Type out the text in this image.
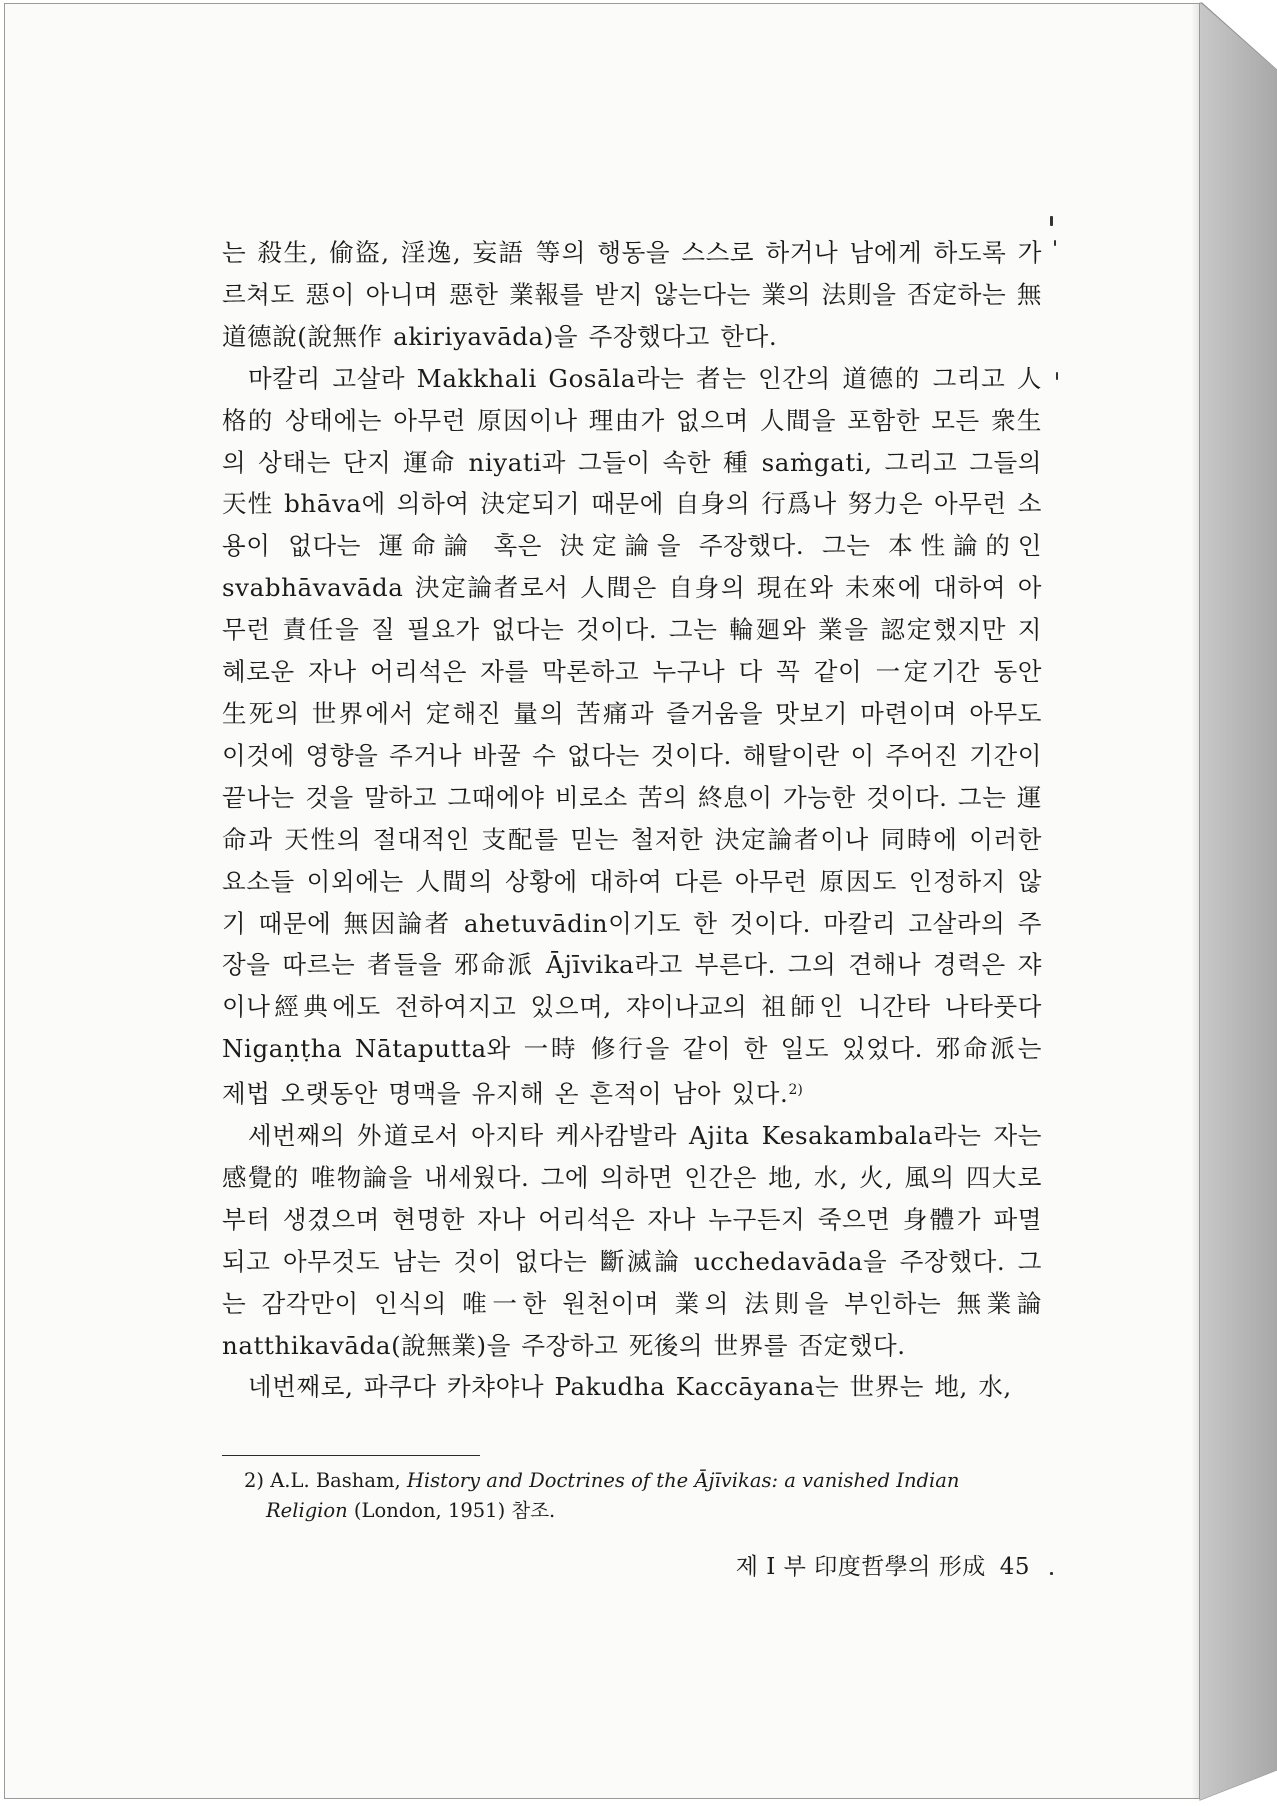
는 殺生, 偷盜, 淫逸, 妄語 等의 행동을 스스로 하거나 남에게 하도록 가르쳐도 惡이 아니며 惡한 業報를 받지 않는다는 業의 法則을 否定하는 無道德說(說無作 akiriyavāda)을 주장했다고 한다.

마칼리 고살라 Makkhali Gosāla라는 者는 인간의 道德的 그리고 人格的 상태에는 아무런 原因이나 理由가 없으며 人間을 포함한 모든 衆生의 상태는 단지 運命 niyati과 그들이 속한 種 saṁgati, 그리고 그들의 天性 bhāva에 의하여 決定되기 때문에 自身의 行爲나 努力은 아무런 소용이 없다는 運命論 혹은 決定論을 주장했다. 그는 本性論的인 svabhāvavāda 決定論者로서 人間은 自身의 現在와 未來에 대하여 아무런 責任을 질 필요가 없다는 것이다. 그는 輪廻와 業을 認定했지만 지혜로운 자나 어리석은 자를 막론하고 누구나 다 꼭 같이 一定기간 동안 生死의 世界에서 定해진 量의 苦痛과 즐거움을 맛보기 마련이며 아무도 이것에 영향을 주거나 바꿀 수 없다는 것이다. 해탈이란 이 주어진 기간이 끝나는 것을 말하고 그때에야 비로소 苦의 終息이 가능한 것이다. 그는 運命과 天性의 절대적인 支配를 믿는 철저한 決定論者이나 同時에 이러한 요소들 이외에는 人間의 상황에 대하여 다른 아무런 原因도 인정하지 않기 때문에 無因論者 ahetuvādin이기도 한 것이다. 마칼리 고살라의 주장을 따르는 者들을 邪命派 Ājīvika라고 부른다. 그의 견해나 경력은 쟈이나經典에도 전하여지고 있으며, 쟈이나교의 祖師인 니간타 나타풋다 Nigaṇṭha Nātaputta와 一時 修行을 같이 한 일도 있었다. 邪命派는 제법 오랫동안 명맥을 유지해 온 흔적이 남아 있다.$^{2)}$

세번째의 外道로서 아지타 케사캄발라 Ajita Kesakambala라는 자는 感覺的 唯物論을 내세웠다. 그에 의하면 인간은 地, 水, 火, 風의 四大로부터 생겼으며 현명한 자나 어리석은 자나 누구든지 죽으면 身體가 파멸되고 아무것도 남는 것이 없다는 斷滅論 ucchedavāda을 주장했다. 그는 감각만이 인식의 唯一한 원천이며 業의 法則을 부인하는 無業論 natthikavāda(說無業)을 주장하고 死後의 世界를 否定했다.

네번째로, 파쿠다 카챠야나 Pakudha Kaccāyana는 世界는 地, 水,

2) A.L. Basham, History and Doctrines of the Ājīvikas: a vanished Indian
Religion (London, 1951) 참조.

제 I 부 印度哲學의 形成 45
